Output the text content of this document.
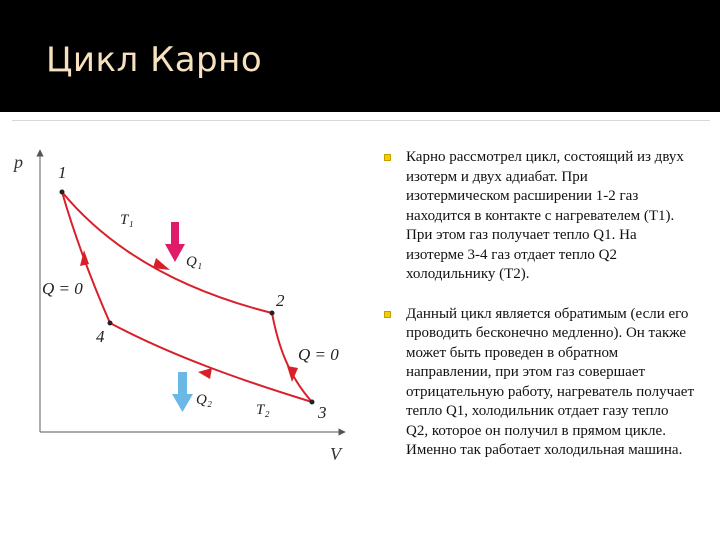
Цикл Карно
p
V
1
2
3
4
T₁
T₂
Q₁
Q₂
Q = 0
Q = 0
Карно рассмотрел цикл, состоящий из двух изотерм и двух адиабат. При изотермическом расширении 1-2 газ находится в контакте с нагревателем (T1). При этом газ получает тепло Q1. На изотерме 3-4 газ отдает тепло Q2 холодильнику (T2).
Данный цикл является обратимым (если его проводить бесконечно медленно). Он также может быть проведен в обратном направлении, при этом газ совершает отрицательную работу, нагреватель получает тепло Q1, холодильник отдает газу тепло Q2, которое он получил в прямом цикле. Именно так работает холодильная машина.
